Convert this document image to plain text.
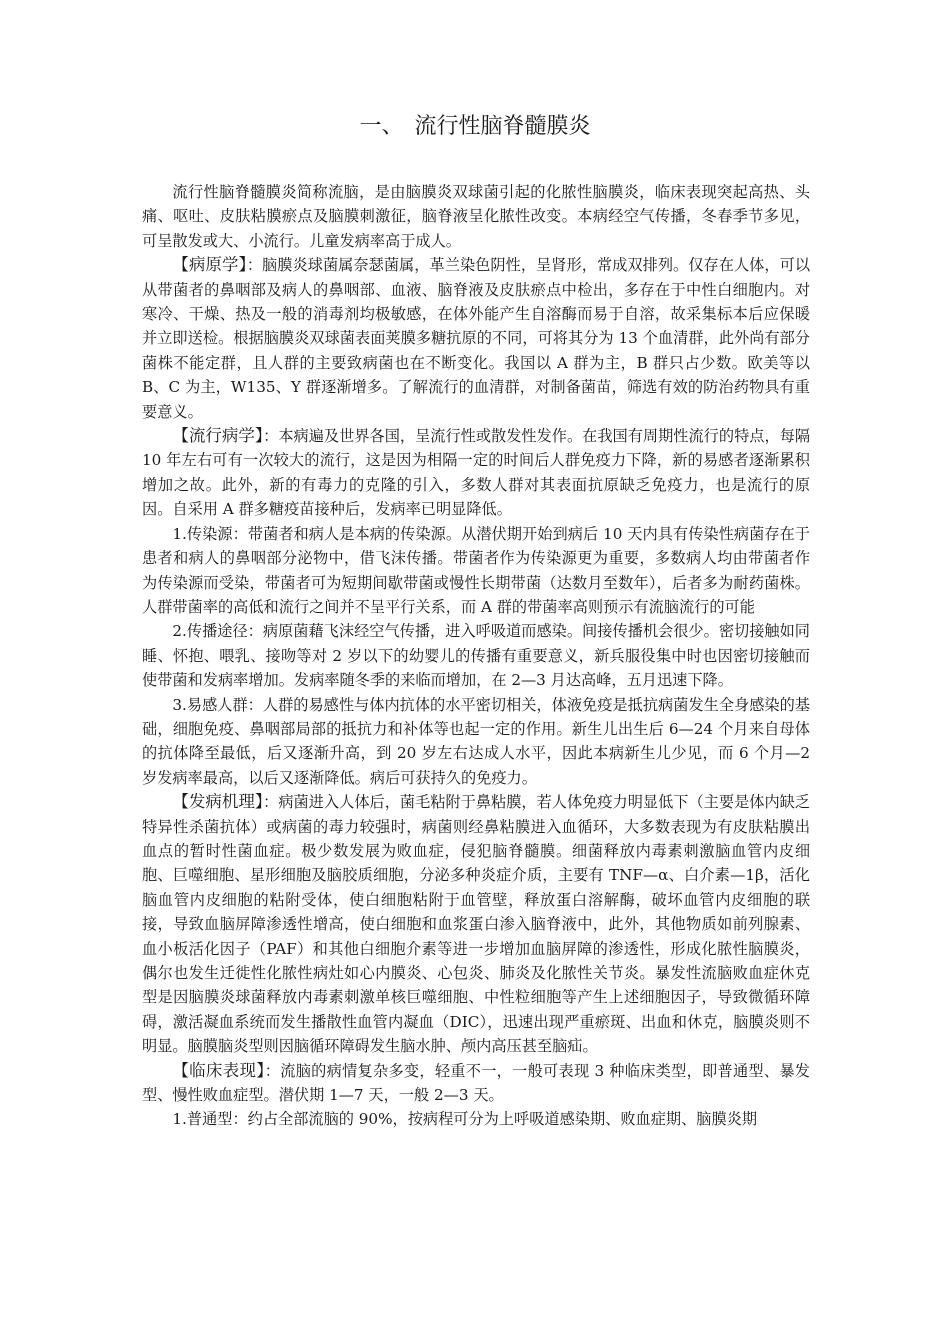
一、　流行性脑脊髓膜炎

流行性脑脊髓膜炎简称流脑，是由脑膜炎双球菌引起的化脓性脑膜炎，临床表现突起高热、头痛、呕吐、皮肤粘膜瘀点及脑膜刺激征，脑脊液呈化脓性改变。本病经空气传播，冬春季节多见，可呈散发或大、小流行。儿童发病率高于成人。

【病原学】：脑膜炎球菌属奈瑟菌属，革兰染色阴性，呈肾形，常成双排列。仅存在人体，可以从带菌者的鼻咽部及病人的鼻咽部、血液、脑脊液及皮肤瘀点中检出，多存在于中性白细胞内。对寒冷、干燥、热及一般的消毒剂均极敏感，在体外能产生自溶酶而易于自溶，故采集标本后应保暖并立即送检。根据脑膜炎双球菌表面荚膜多糖抗原的不同，可将其分为 13 个血清群，此外尚有部分菌株不能定群，且人群的主要致病菌也在不断变化。我国以 A 群为主，B 群只占少数。欧美等以 B、C 为主，W135、Y 群逐渐增多。了解流行的血清群，对制备菌苗，筛选有效的防治药物具有重要意义。

【流行病学】：本病遍及世界各国，呈流行性或散发性发作。在我国有周期性流行的特点，每隔 10 年左右可有一次较大的流行，这是因为相隔一定的时间后人群免疫力下降，新的易感者逐渐累积增加之故。此外，新的有毒力的克隆的引入，多数人群对其表面抗原缺乏免疫力，也是流行的原因。自采用 A 群多糖疫苗接种后，发病率已明显降低。

1.传染源：带菌者和病人是本病的传染源。从潜伏期开始到病后 10 天内具有传染性病菌存在于患者和病人的鼻咽部分泌物中，借飞沫传播。带菌者作为传染源更为重要，多数病人均由带菌者作为传染源而受染，带菌者可为短期间歇带菌或慢性长期带菌（达数月至数年），后者多为耐药菌株。人群带菌率的高低和流行之间并不呈平行关系，而 A 群的带菌率高则预示有流脑流行的可能

2.传播途径：病原菌藉飞沫经空气传播，进入呼吸道而感染。间接传播机会很少。密切接触如同睡、怀抱、喂乳、接吻等对 2 岁以下的幼婴儿的传播有重要意义，新兵服役集中时也因密切接触而使带菌和发病率增加。发病率随冬季的来临而增加，在 2—3 月达高峰，五月迅速下降。

3.易感人群：人群的易感性与体内抗体的水平密切相关，体液免疫是抵抗病菌发生全身感染的基础，细胞免疫、鼻咽部局部的抵抗力和补体等也起一定的作用。新生儿出生后 6—24 个月来自母体的抗体降至最低，后又逐渐升高，到 20 岁左右达成人水平，因此本病新生儿少见，而 6 个月—2 岁发病率最高，以后又逐渐降低。病后可获持久的免疫力。

【发病机理】：病菌进入人体后，菌毛粘附于鼻粘膜，若人体免疫力明显低下（主要是体内缺乏特异性杀菌抗体）或病菌的毒力较强时，病菌则经鼻粘膜进入血循环，大多数表现为有皮肤粘膜出血点的暂时性菌血症。极少数发展为败血症，侵犯脑脊髓膜。细菌释放内毒素刺激脑血管内皮细胞、巨噬细胞、星形细胞及脑胶质细胞，分泌多种炎症介质，主要有 TNF—α、白介素—1β，活化脑血管内皮细胞的粘附受体，使白细胞粘附于血管壁，释放蛋白溶解酶，破坏血管内皮细胞的联接，导致血脑屏障渗透性增高，使白细胞和血浆蛋白渗入脑脊液中，此外，其他物质如前列腺素、血小板活化因子（PAF）和其他白细胞介素等进一步增加血脑屏障的渗透性，形成化脓性脑膜炎，偶尔也发生迁徙性化脓性病灶如心内膜炎、心包炎、肺炎及化脓性关节炎。暴发性流脑败血症休克型是因脑膜炎球菌释放内毒素刺激单核巨噬细胞、中性粒细胞等产生上述细胞因子，导致微循环障碍，激活凝血系统而发生播散性血管内凝血（DIC），迅速出现严重瘀斑、出血和休克，脑膜炎则不明显。脑膜脑炎型则因脑循环障碍发生脑水肿、颅内高压甚至脑疝。

【临床表现】：流脑的病情复杂多变，轻重不一，一般可表现 3 种临床类型，即普通型、暴发型、慢性败血症型。潜伏期 1—7 天，一般 2—3 天。

1.普通型：约占全部流脑的 90%，按病程可分为上呼吸道感染期、败血症期、脑膜炎期
